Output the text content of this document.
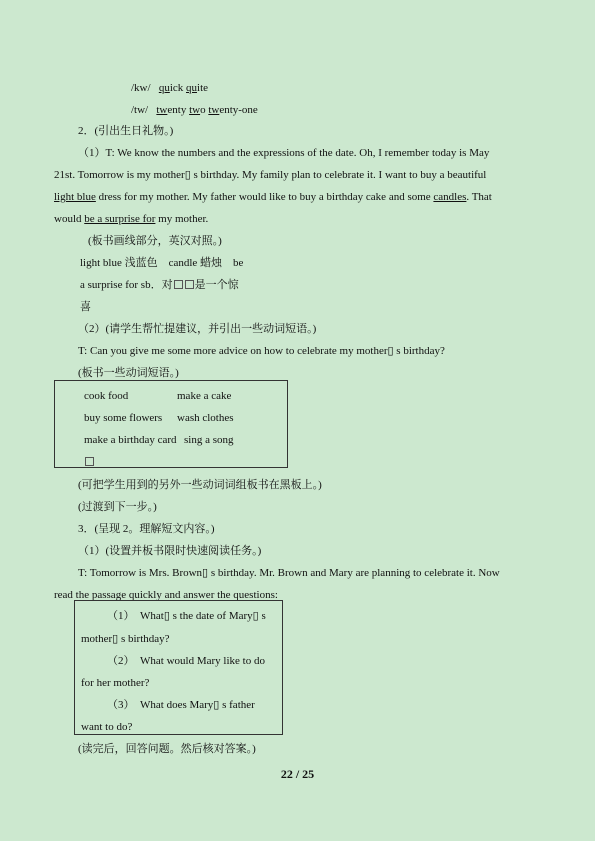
/kw/ quick quite
/tw/ twenty two twenty-one
2．(引出生日礼物。)
（1）T: We know the numbers and the expressions of the date. Oh, I remember today is May
21st. Tomorrow is my mother▯ s birthday. My family plan to celebrate it. I want to buy a beautiful
light blue dress for my mother. My father would like to buy a birthday cake and some candles. That
would be a surprise for my mother.
(板书画线部分，英汉对照。)
light blue 浅蓝色    candle 蜡烛    be
a surprise for sb．对 是一个惊
喜
（2）(请学生帮忙提建议，并引出一些动词短语。)
T: Can you give me some more advice on how to celebrate my mother▯ s birthday?
(板书一些动词短语。)
cook food	make a cake
buy some flowers wash clothes
make a birthday card sing a song
(可把学生用到的另外一些动词词组板书在黑板上。)
(过渡到下一步。)
3．(呈现 2。理解短文内容。)
（1）(设置并板书限时快速阅读任务。)
T: Tomorrow is Mrs. Brown▯ s birthday. Mr. Brown and Mary are planning to celebrate it. Now
read the passage quickly and answer the questions:
（1）  What▯ s the date of Mary▯ s
mother▯ s birthday?
（2）  What would Mary like to do
for her mother?
（3）  What does Mary▯ s father
want to do?
(读完后，回答问题。然后核对答案。)
22 / 25
